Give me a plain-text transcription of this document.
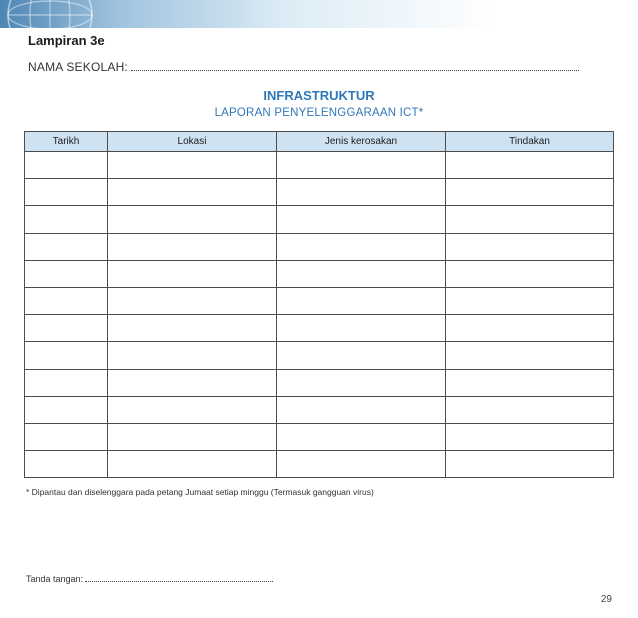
Lampiran 3e
NAMA SEKOLAH:
INFRASTRUKTUR
LAPORAN PENYELENGGARAAN ICT*
Tarikh	Lokasi	Jenis kerosakan	Tindakan

* Dipantau dan diselenggara pada petang Jumaat setiap minggu (Termasuk gangguan virus)
Tanda tangan:
29
